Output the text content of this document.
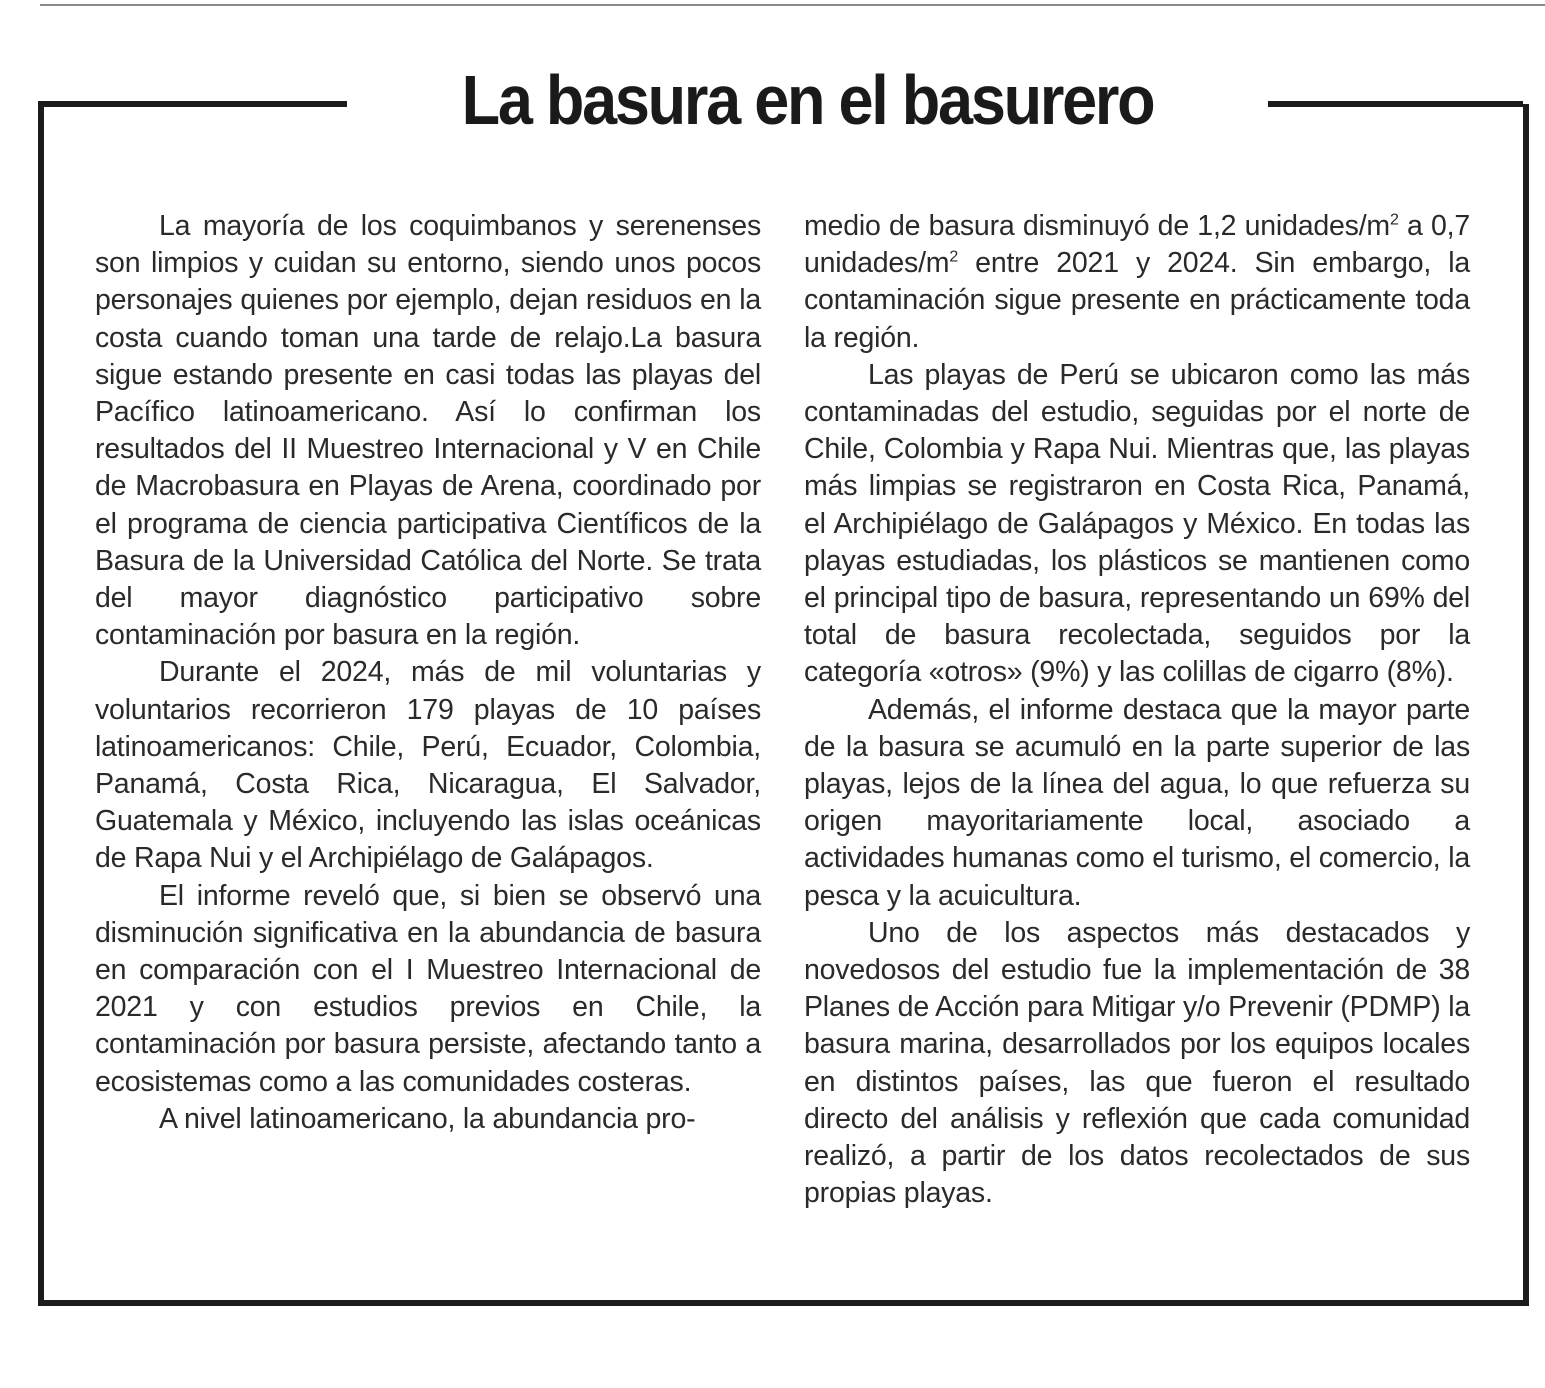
La basura en el basurero

La mayoría de los coquimbanos y serenenses son limpios y cuidan su entorno, siendo unos pocos personajes quienes por ejemplo, dejan residuos en la costa cuando toman una tarde de relajo.La basura sigue estando presente en casi todas las playas del Pacífico latinoamericano. Así lo confirman los resultados del II Muestreo Internacional y V en Chile de Macrobasura en Playas de Arena, coordinado por el programa de ciencia participativa Científicos de la Basura de la Universidad Católica del Norte. Se trata del mayor diagnóstico participativo sobre contaminación por basura en la región.

Durante el 2024, más de mil voluntarias y voluntarios recorrieron 179 playas de 10 países latinoamericanos: Chile, Perú, Ecuador, Colombia, Panamá, Costa Rica, Nicaragua, El Salvador, Guatemala y México, incluyendo las islas oceánicas de Rapa Nui y el Archipiélago de Galápagos.

El informe reveló que, si bien se observó una disminución significativa en la abundancia de basura en comparación con el I Muestreo Internacional de 2021 y con estudios previos en Chile, la contaminación por basura persiste, afectando tanto a ecosistemas como a las comunidades costeras.

A nivel latinoamericano, la abundancia pro-

medio de basura disminuyó de 1,2 unidades/$m^2$ a 0,7 unidades/$m^2$ entre 2021 y 2024. Sin embargo, la contaminación sigue presente en prácticamente toda la región.

Las playas de Perú se ubicaron como las más contaminadas del estudio, seguidas por el norte de Chile, Colombia y Rapa Nui. Mientras que, las playas más limpias se registraron en Costa Rica, Panamá, el Archipiélago de Galápagos y México. En todas las playas estudiadas, los plásticos se mantienen como el principal tipo de basura, representando un 69% del total de basura recolectada, seguidos por la categoría «otros» (9%) y las colillas de cigarro (8%).

Además, el informe destaca que la mayor parte de la basura se acumuló en la parte superior de las playas, lejos de la línea del agua, lo que refuerza su origen mayoritariamente local, asociado a actividades humanas como el turismo, el comercio, la pesca y la acuicultura.

Uno de los aspectos más destacados y novedosos del estudio fue la implementación de 38 Planes de Acción para Mitigar y/o Prevenir (PDMP) la basura marina, desarrollados por los equipos locales en distintos países, las que fueron el resultado directo del análisis y reflexión que cada comunidad realizó, a partir de los datos recolectados de sus propias playas.
